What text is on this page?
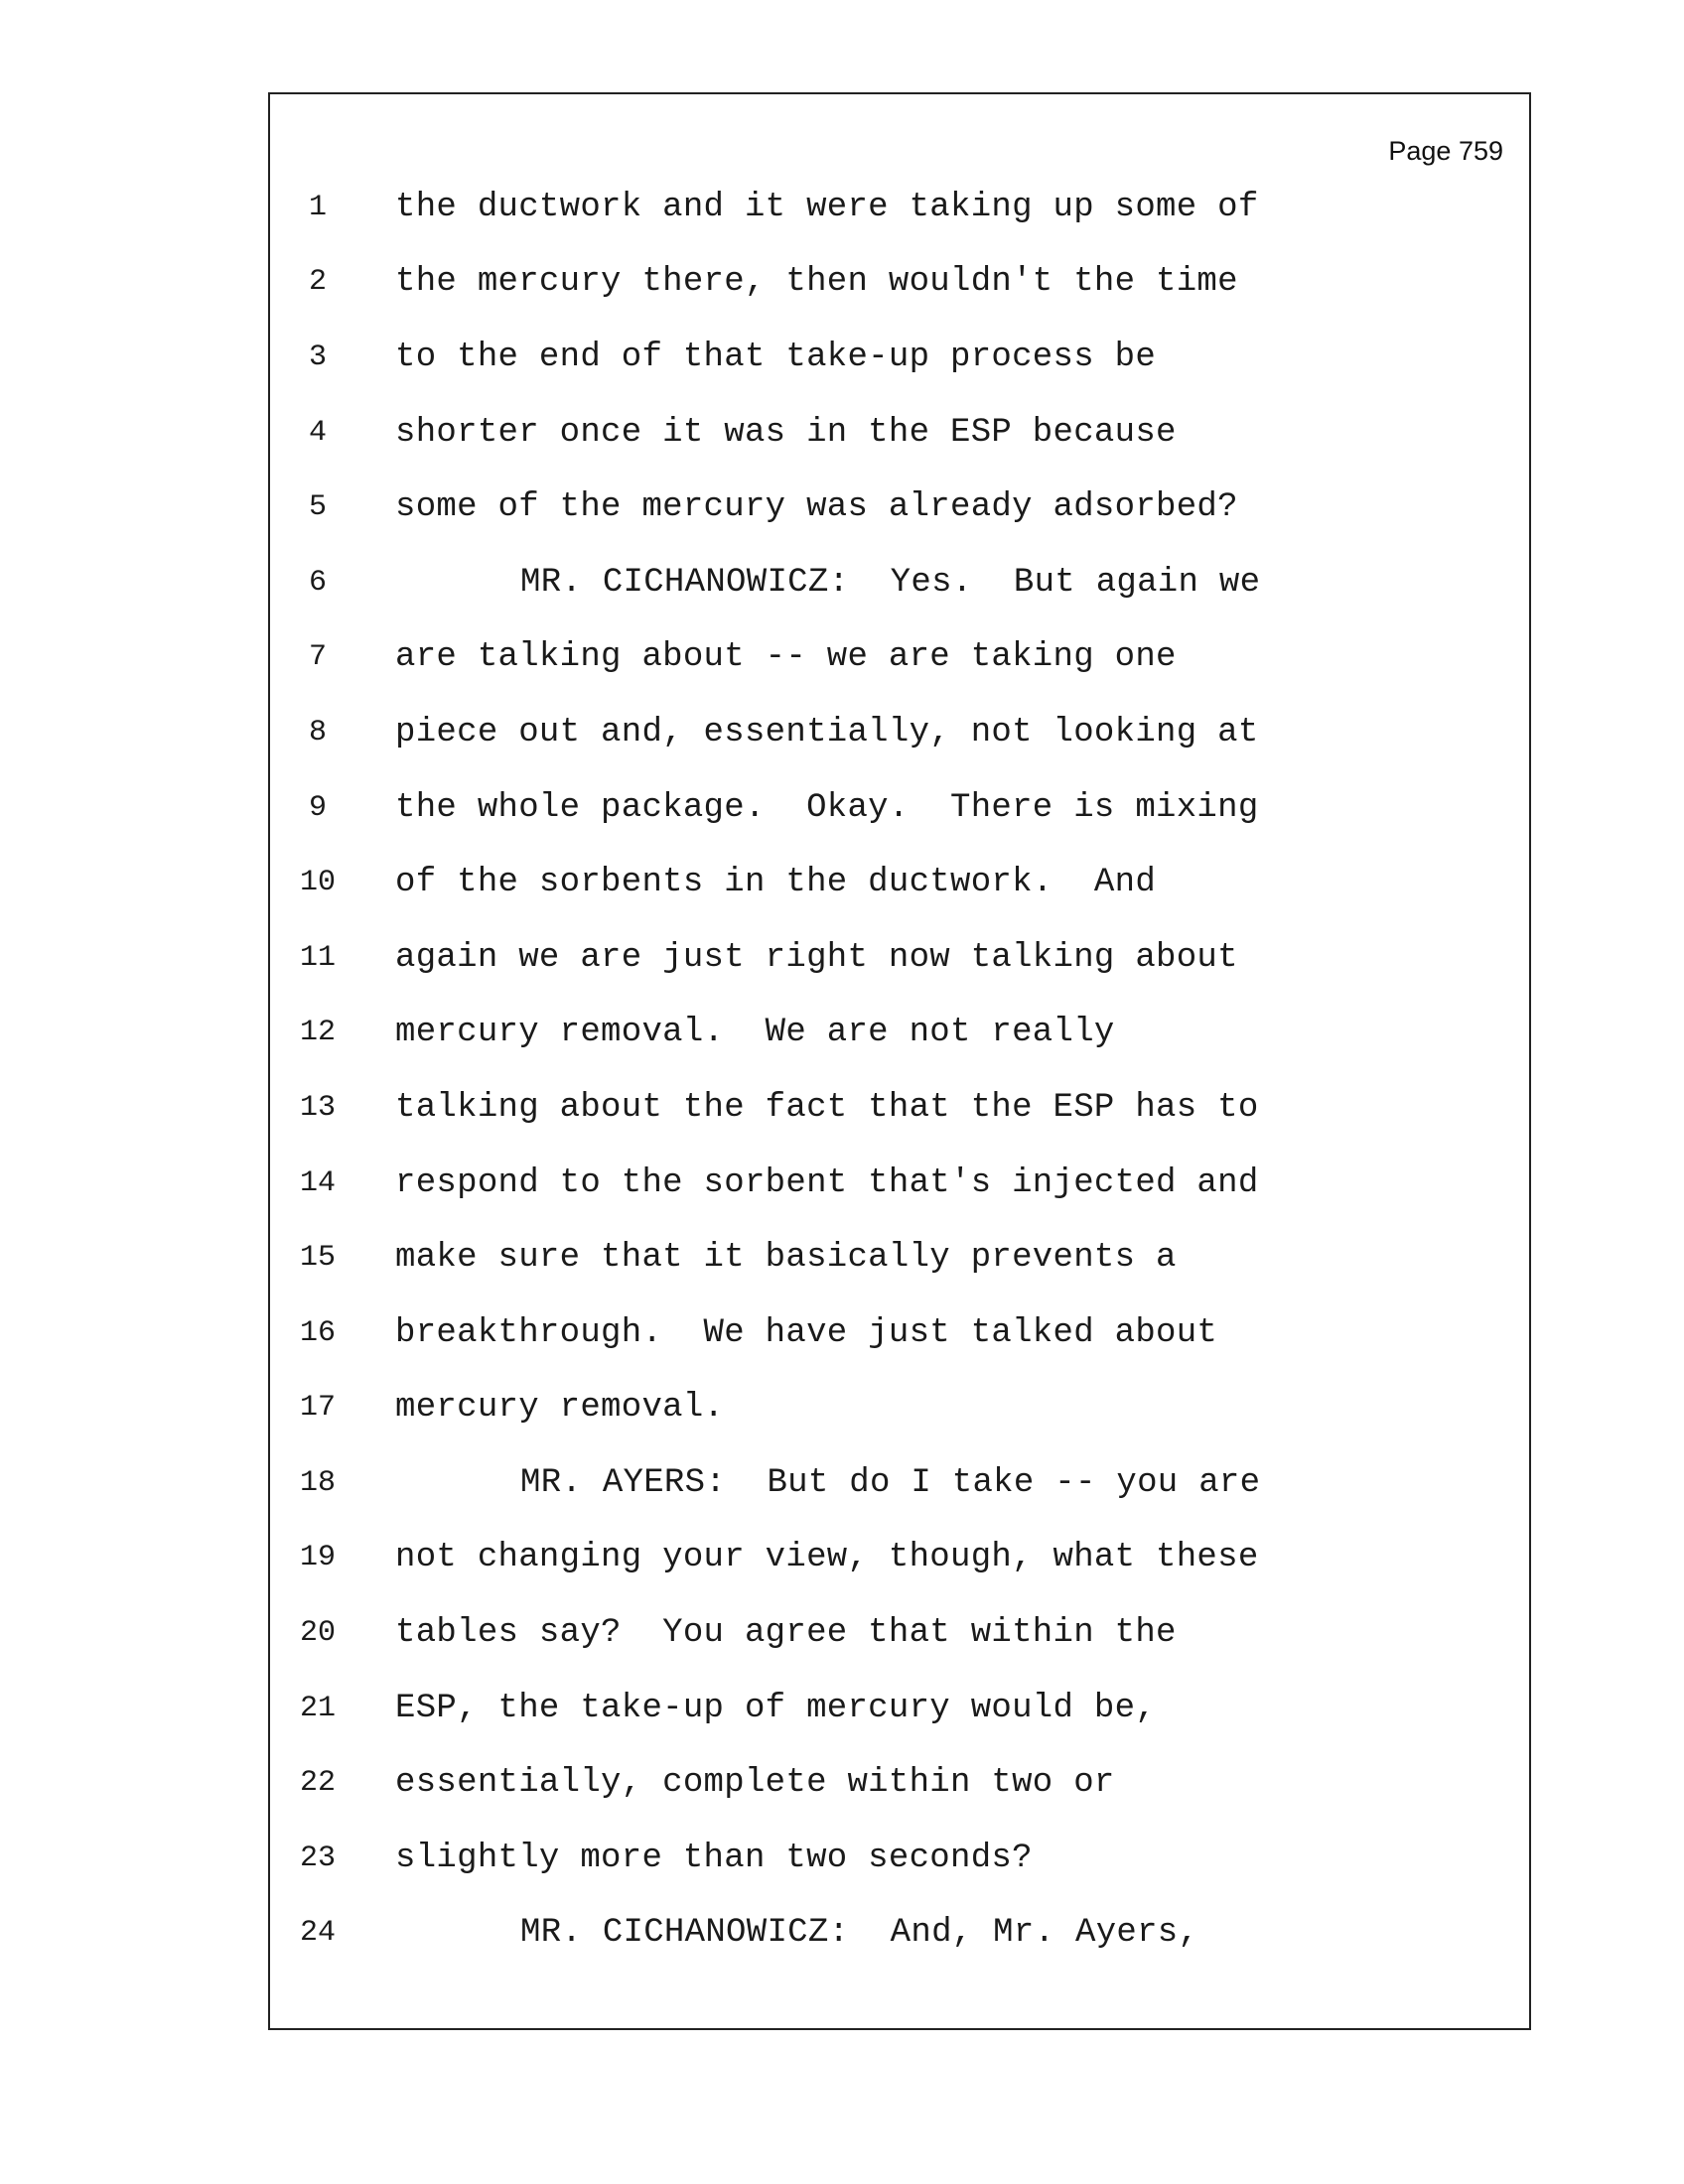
Page 759
1	the ductwork and it were taking up some of
2	the mercury there, then wouldn't the time
3	to the end of that take-up process be
4	shorter once it was in the ESP because
5	some of the mercury was already adsorbed?
6	MR. CICHANOWICZ:  Yes.  But again we
7	are talking about -- we are taking one
8	piece out and, essentially, not looking at
9	the whole package.  Okay.  There is mixing
10 of the sorbents in the ductwork.  And
11 again we are just right now talking about
12 mercury removal.  We are not really
13 talking about the fact that the ESP has to
14 respond to the sorbent that's injected and
15 make sure that it basically prevents a
16 breakthrough.  We have just talked about
17 mercury removal.
18	MR. AYERS:  But do I take -- you are
19 not changing your view, though, what these
20 tables say?  You agree that within the
21 ESP, the take-up of mercury would be,
22 essentially, complete within two or
23 slightly more than two seconds?
24	MR. CICHANOWICZ:  And, Mr. Ayers,
